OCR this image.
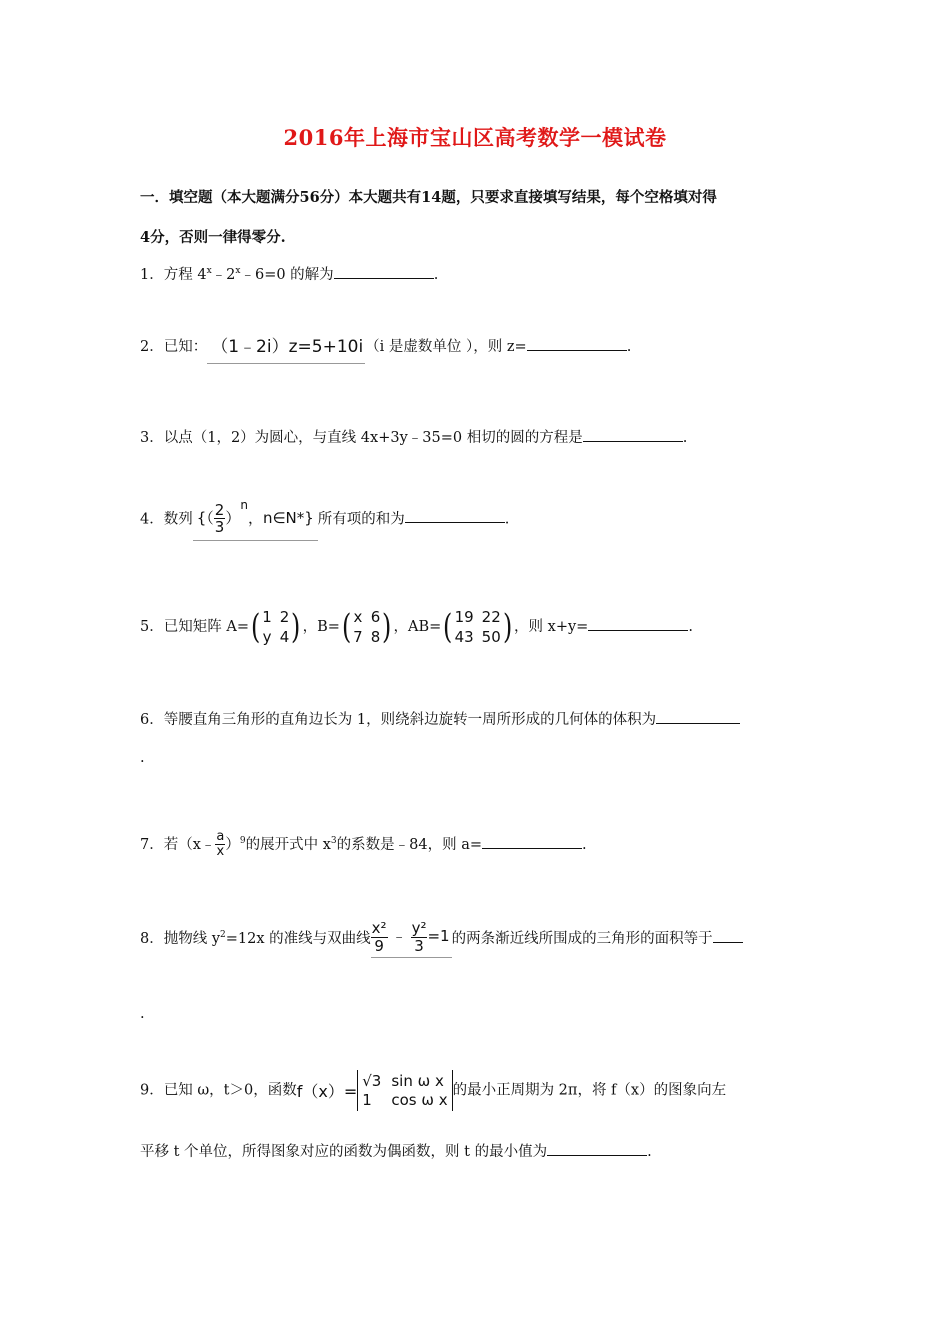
2016年上海市宝山区高考数学一模试卷
一．填空题（本大题满分56分）本大题共有14题，只要求直接填写结果，每个空格填对得
4分，否则一律得零分.
1．方程 $4^x﹣2^x﹣6=0$ 的解为	.
2．已知： （1﹣2i）z=5+10i （i 是虚数单位 ），则 z=	.
3．以点（1，2）为圆心，与直线 4x+3y﹣35=0 相切的圆的方程是	.
4．数列 {（ $\frac{2}{3} )^n$，n∈N*} 所有项的和为	.
5．已知矩阵 A=( 1 2
y 4 ) ，B=( x 6
7 8 ) ，AB=( 19 22
43 50 ) ，则 x+y=	.
6．等腰直角三角形的直角边长为 1，则绕斜边旋转一周所形成的几何体的体积为
.
7．若（x﹣ $\frac{a}{x} )^9$的展开式中 $x^3$的系数是﹣84，则 a=	.
8．抛物线 $y^2=12x$ 的准线与双曲线 $\frac{\text{x²}}{9}$ ﹣ $\frac{\text{y²}}{3} =1$ 的两条渐近线所围成的三角形的面积等于
.
9．已知 ω，t＞0，函数f（x）=
√3 sin ω x
1	cos ω x
的最小正周期为 2π，将 f（x）的图象向左
平移 t 个单位，所得图象对应的函数为偶函数，则 t 的最小值为	.
